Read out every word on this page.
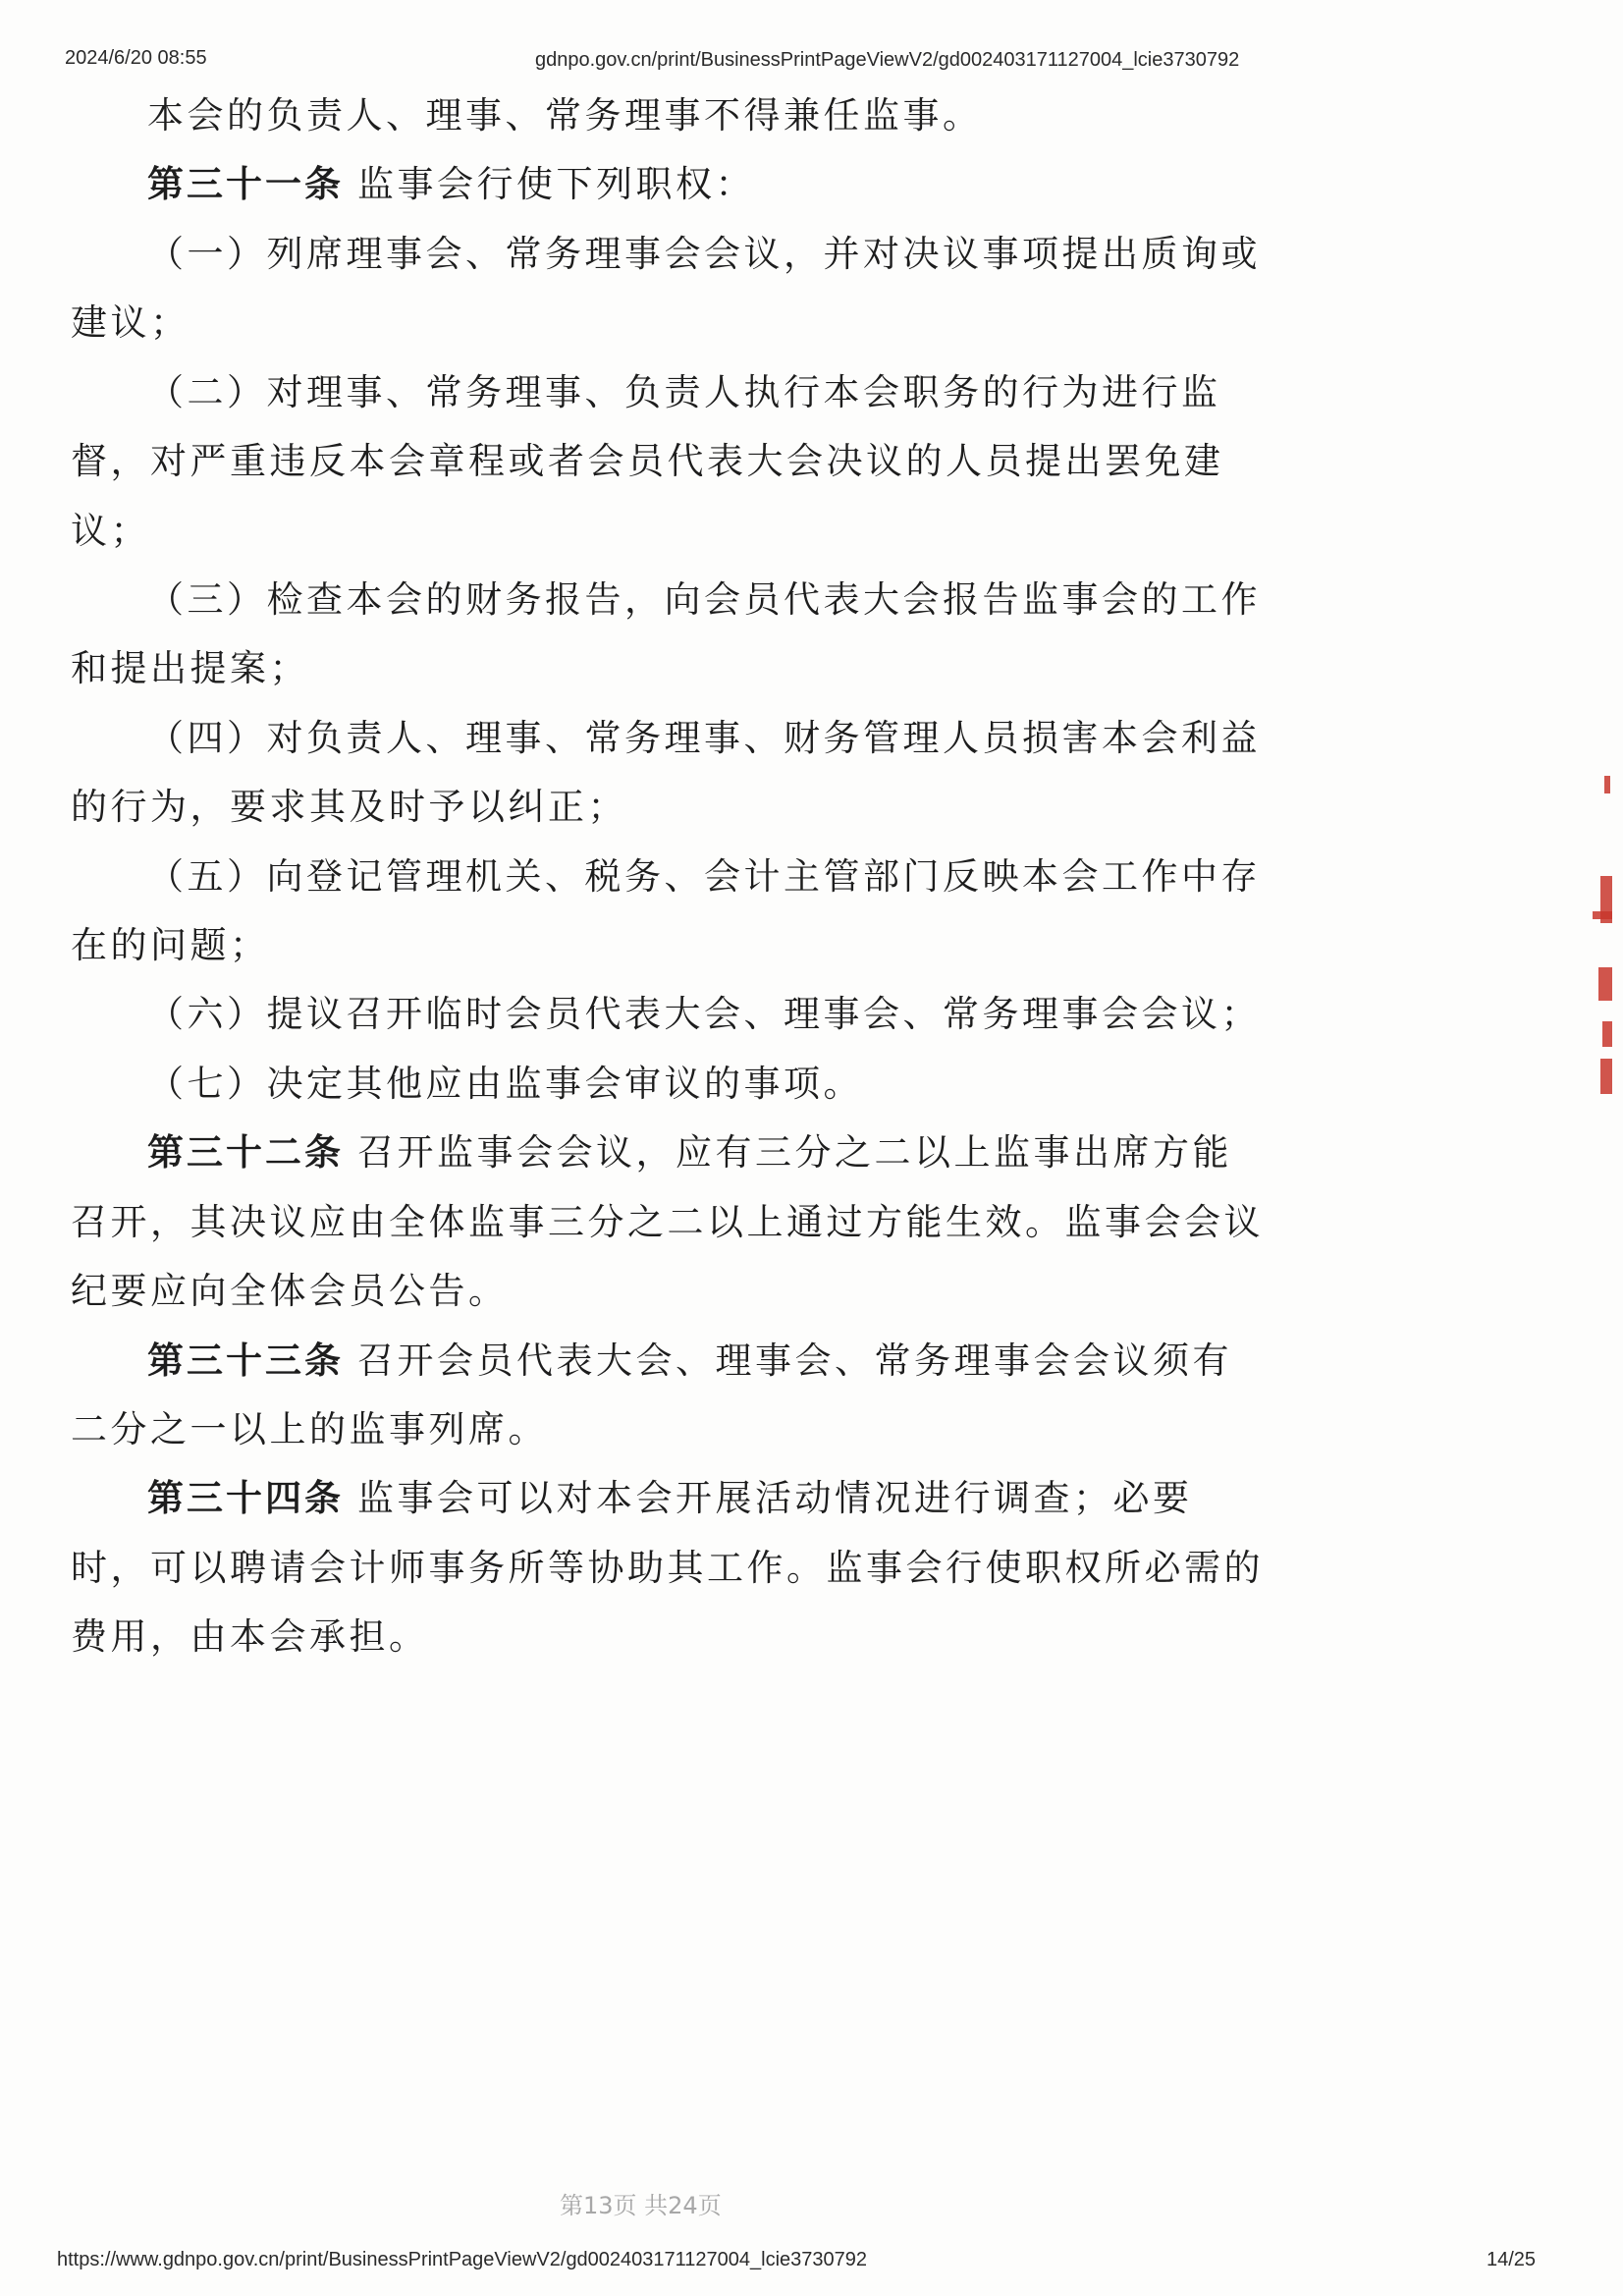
2024/6/20 08:55	gdnpo.gov.cn/print/BusinessPrintPageViewV2/gd002403171127004_lcie3730792
本会的负责人、理事、常务理事不得兼任监事。
第三十一条 监事会行使下列职权：
（一）列席理事会、常务理事会会议，并对决议事项提出质询或
建议；
（二）对理事、常务理事、负责人执行本会职务的行为进行监
督，对严重违反本会章程或者会员代表大会决议的人员提出罢免建
议；
（三）检查本会的财务报告，向会员代表大会报告监事会的工作
和提出提案；
（四）对负责人、理事、常务理事、财务管理人员损害本会利益
的行为，要求其及时予以纠正；
（五）向登记管理机关、税务、会计主管部门反映本会工作中存
在的问题；
（六）提议召开临时会员代表大会、理事会、常务理事会会议；
（七）决定其他应由监事会审议的事项。
第三十二条 召开监事会会议，应有三分之二以上监事出席方能
召开，其决议应由全体监事三分之二以上通过方能生效。监事会会议
纪要应向全体会员公告。
第三十三条 召开会员代表大会、理事会、常务理事会会议须有
二分之一以上的监事列席。
第三十四条 监事会可以对本会开展活动情况进行调查；必要
时，可以聘请会计师事务所等协助其工作。监事会行使职权所必需的
费用，由本会承担。
第13页 共24页
https://www.gdnpo.gov.cn/print/BusinessPrintPageViewV2/gd002403171127004_lcie3730792	14/25
